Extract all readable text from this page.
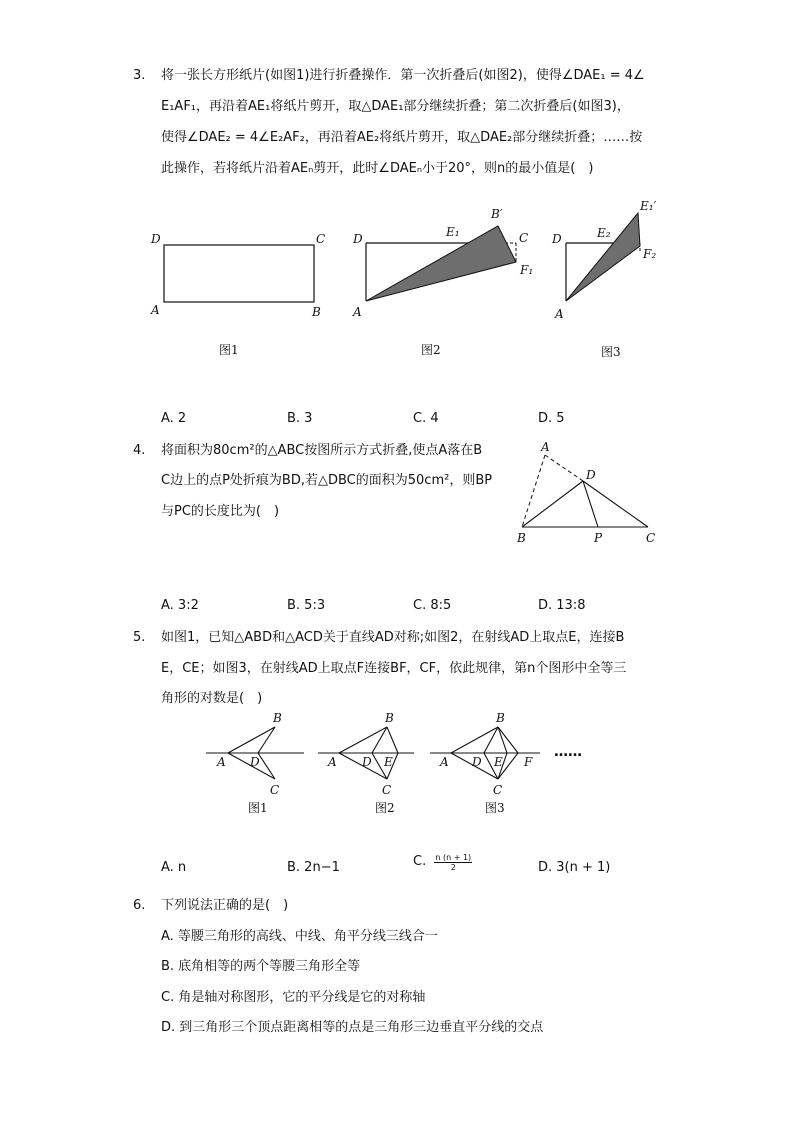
3. 将一张长方形纸片(如图1)进行折叠操作．第一次折叠后(如图2)，使得∠DAE₁ = 4∠
E₁AF₁，再沿着AE₁将纸片剪开，取△DAE₁部分继续折叠；第二次折叠后(如图3)，
使得∠DAE₂ = 4∠E₂AF₂，再沿着AE₂将纸片剪开，取△DAE₂部分继续折叠；……按
此操作，若将纸片沿着AEₙ剪开，此时∠DAEₙ小于20°，则n的最小值是(　)
D	C
A	B
D	E₁
B′
C
F₁
A
E₁′
D	E₂
F₂
A
图1	图2	图3
A. 2	B. 3	C. 4	D. 5
4. 将面积为80cm²的△ABC按图所示方式折叠,使点A落在B
C边上的点P处折痕为BD,若△DBC的面积为50cm²，则BP
与PC的长度比为(　)
A
D
B	P	C
A. 3:2	B. 5:3	C. 8:5	D. 13:8
5. 如图1，已知△ABD和△ACD关于直线AD对称;如图2，在射线AD上取点E，连接B
E，CE；如图3，在射线AD上取点F连接BF，CF，依此规律，第n个图形中全等三
角形的对数是(　)
B
A D
C
B
A D E
C
B
A D E F
C
……
图1	图2	图3
A. n	B. 2n−1	C. $\frac{n (n + 1)}{2}$	D. 3(n + 1)
6. 下列说法正确的是(　)
A. 等腰三角形的高线、中线、角平分线三线合一
B. 底角相等的两个等腰三角形全等
C. 角是轴对称图形，它的平分线是它的对称轴
D. 到三角形三个顶点距离相等的点是三角形三边垂直平分线的交点
